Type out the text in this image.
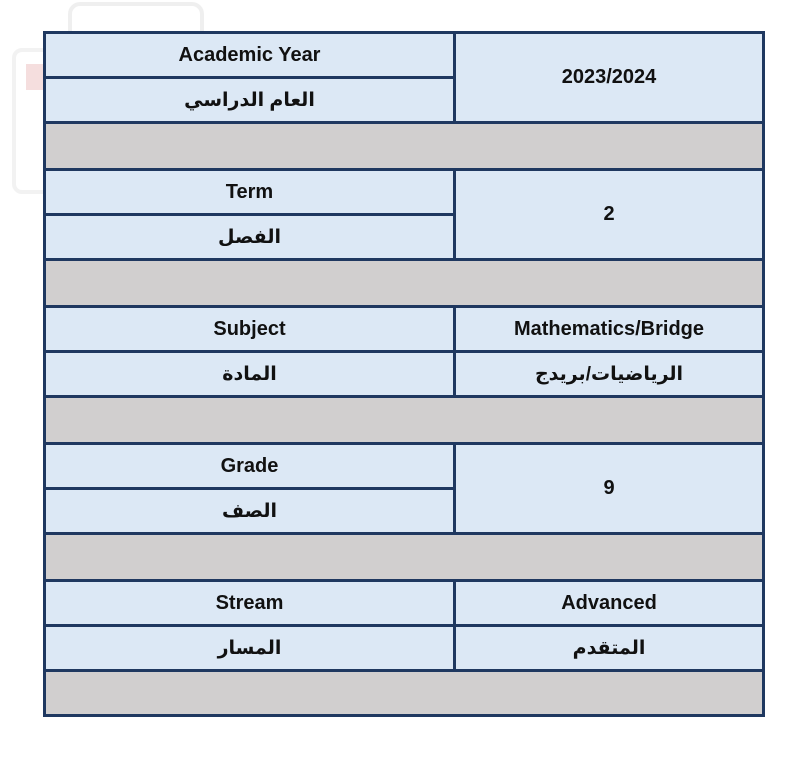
Academic Year	2023/2024
العام الدراسي	

Term	2
الفصل	

Subject	Mathematics/Bridge
المادة	الرياضيات/بريدج

Grade	9
الصف	

Stream	Advanced
المسار	المتقدم
